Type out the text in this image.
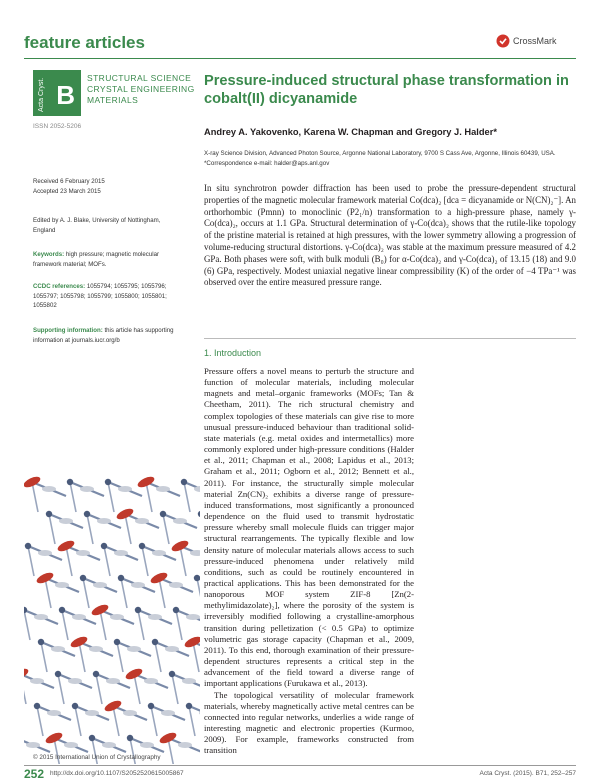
feature articles	CrossMark
Acta Cryst. B
STRUCTURAL SCIENCE
CRYSTAL ENGINEERING
MATERIALS
ISSN 2052-5206
Pressure-induced structural phase transformation in cobalt(II) dicyanamide
Andrey A. Yakovenko, Karena W. Chapman and Gregory J. Halder*
X-ray Science Division, Advanced Photon Source, Argonne National Laboratory, 9700 S Cass Ave, Argonne, Illinois 60439, USA. *Correspondence e-mail: halder@aps.anl.gov
Received 6 February 2015
Accepted 23 March 2015
Edited by A. J. Blake, University of Nottingham, England
Keywords: high pressure; magnetic molecular framework material; MOFs.
CCDC references: 1055794; 1055795; 1055796; 1055797; 1055798; 1055799; 1055800; 1055801; 1055802
Supporting information: this article has supporting information at journals.iucr.org/b
In situ synchrotron powder diffraction has been used to probe the pressure-dependent structural properties of the magnetic molecular framework material Co(dca)₂ [dca = dicyanamide or N(CN)₂⁻]. An orthorhombic (Pmnn) to monoclinic (P2₁/n) transformation to a high-pressure phase, namely γ-Co(dca)₂, occurs at 1.1 GPa. Structural determination of γ-Co(dca)₂ shows that the rutile-like topology of the pristine material is retained at high pressures, with the lower symmetry allowing a progression of volume-reducing structural distortions. γ-Co(dca)₂ was stable at the maximum pressure measured of 4.2 GPa. Both phases were soft, with bulk moduli (B₀) for α-Co(dca)₂ and γ-Co(dca)₂ of 13.15 (18) and 9.0 (6) GPa, respectively. Modest uniaxial negative linear compressibility (K) of the order of −4 TPa⁻¹ was observed over the entire measured pressure range.
1. Introduction

Pressure offers a novel means to perturb the structure and function of molecular materials, including molecular magnets and metal–organic frameworks (MOFs; Tan & Cheetham, 2011). The rich structural chemistry and complex topologies of these materials can give rise to more unusual pressure-induced behaviour than traditional solid-state materials (e.g. metal oxides and intermetallics) more commonly explored under high-pressure conditions (Halder et al., 2011; Chapman et al., 2008; Lapidus et al., 2013; Graham et al., 2011; Ogborn et al., 2012; Bennett et al., 2011). For instance, the structurally simple molecular material Zn(CN)₂ exhibits a diverse range of pressure-induced transformations, most significantly a pronounced dependence on the fluid used to transmit hydrostatic pressure whereby small molecule fluids can trigger major structural rearrangements. The typically flexible and low density nature of molecular materials allows access to such pressure-induced phenomena under relatively mild conditions, such as could be routinely encountered in practical applications. This has been demonstrated for the nanoporous MOF system ZIF-8 [Zn(2-methylimidazolate)₂], where the porosity of the system is irreversibly modified following a crystalline-amorphous transition during pelletization (< 0.5 GPa) to optimize volumetric gas storage capacity (Chapman et al., 2009, 2011). To this end, thorough examination of their pressure-dependent structures represents a critical step in the advancement of the field toward a diverse range of important applications (Furukawa et al., 2013).

The topological versatility of molecular framework materials, whereby magnetically active metal centres can be connected into regular networks, underlies a wide range of interesting magnetic and electronic properties (Kurmoo, 2009). For example, frameworks constructed from transition

© 2015 International Union of Crystallography
252 http://dx.doi.org/10.1107/S2052520615005867	Acta Cryst. (2015). B71, 252–257
